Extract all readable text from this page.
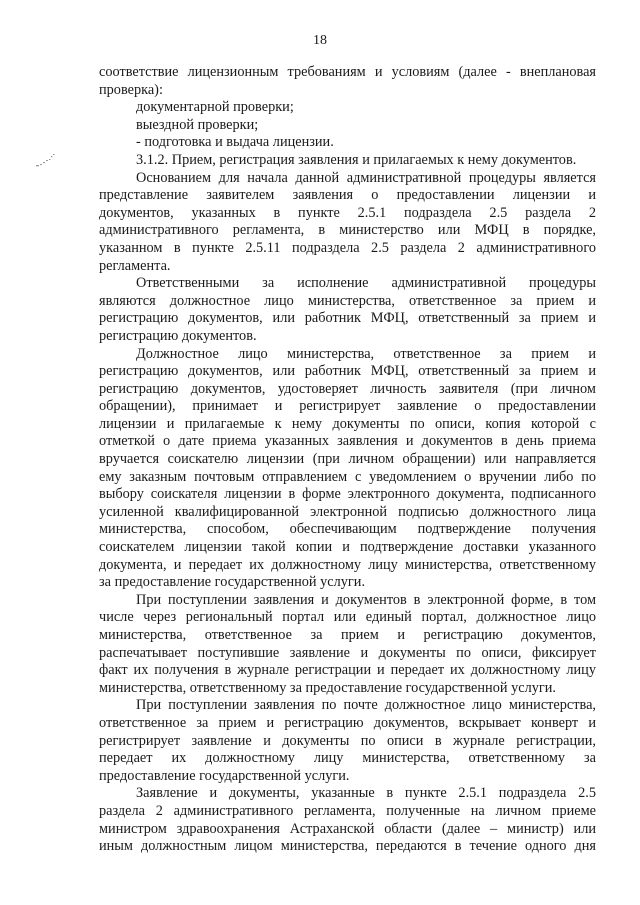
18
соответствие лицензионным требованиям и условиям (далее - внеплановая
проверка):
документарной проверки;
выездной проверки;
- подготовка и выдача лицензии.
3.1.2. Прием, регистрация заявления и прилагаемых к нему документов.
Основанием для начала данной административной процедуры является
представление заявителем заявления о предоставлении лицензии и
документов, указанных в пункте 2.5.1 подраздела 2.5 раздела 2
административного регламента, в министерство или МФЦ в порядке,
указанном в пункте 2.5.11 подраздела 2.5 раздела 2 административного
регламента.
Ответственными за исполнение административной процедуры
являются должностное лицо министерства, ответственное за прием и
регистрацию документов, или работник МФЦ, ответственный за прием и
регистрацию документов.
Должностное лицо министерства, ответственное за прием и
регистрацию документов, или работник МФЦ, ответственный за прием и
регистрацию документов, удостоверяет личность заявителя (при личном
обращении), принимает и регистрирует заявление о предоставлении
лицензии и прилагаемые к нему документы по описи, копия которой с
отметкой о дате приема указанных заявления и документов в день приема
вручается соискателю лицензии (при личном обращении) или направляется
ему заказным почтовым отправлением с уведомлением о вручении либо по
выбору соискателя лицензии в форме электронного документа, подписанного
усиленной квалифицированной электронной подписью должностного лица
министерства, способом, обеспечивающим подтверждение получения
соискателем лицензии такой копии и подтверждение доставки указанного
документа, и передает их должностному лицу министерства, ответственному
за предоставление государственной услуги.
При поступлении заявления и документов в электронной форме, в том
числе через региональный портал или единый портал, должностное лицо
министерства, ответственное за прием и регистрацию документов,
распечатывает поступившие заявление и документы по описи, фиксирует
факт их получения в журнале регистрации и передает их должностному лицу
министерства, ответственному за предоставление государственной услуги.
При поступлении заявления по почте должностное лицо министерства,
ответственное за прием и регистрацию документов, вскрывает конверт и
регистрирует заявление и документы по описи в журнале регистрации,
передает их должностному лицу министерства, ответственному за
предоставление государственной услуги.
Заявление и документы, указанные в пункте 2.5.1 подраздела 2.5
раздела 2 административного регламента, полученные на личном приеме
министром здравоохранения Астраханской области (далее – министр) или
иным должностным лицом министерства, передаются в течение одного дня
